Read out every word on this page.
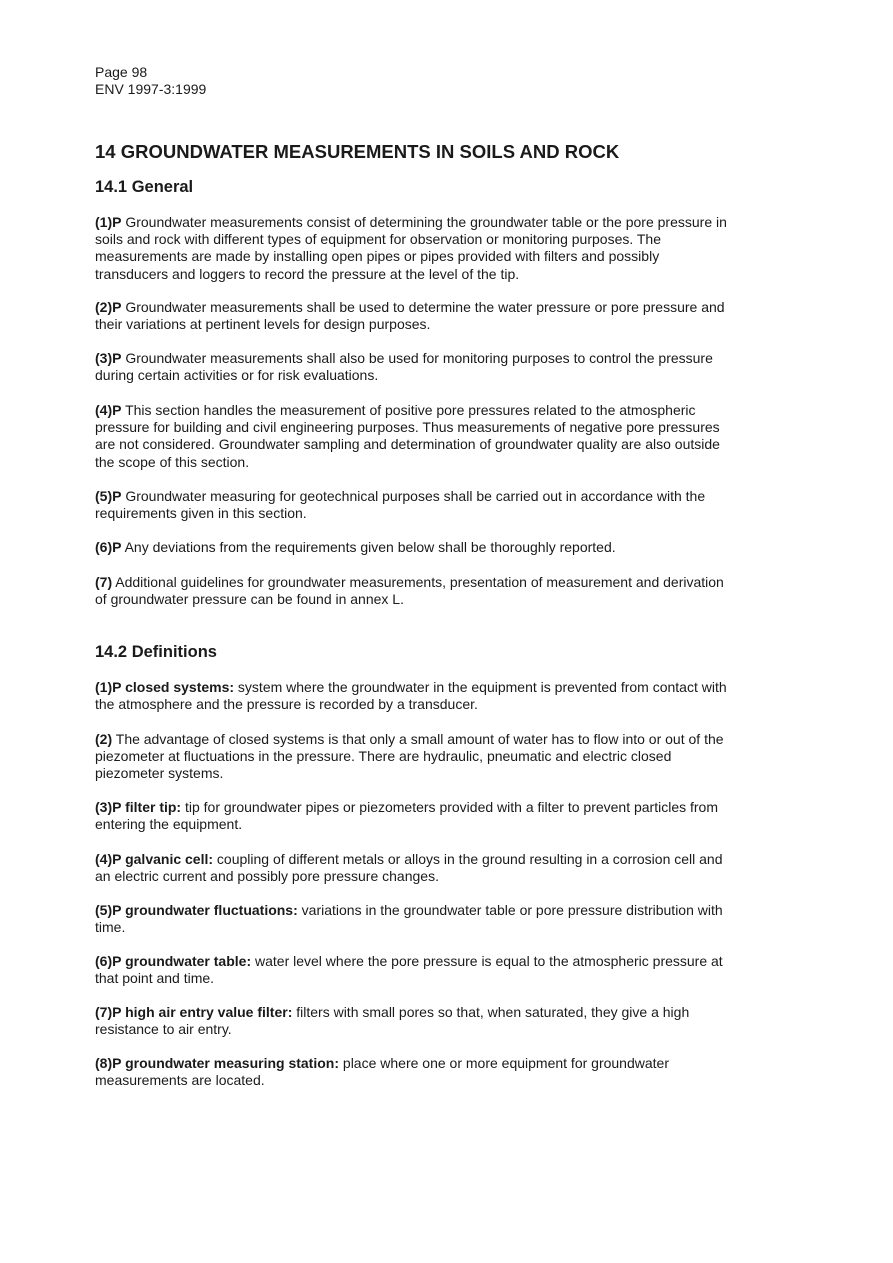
Page 98

ENV 1997-3:1999

14 GROUNDWATER MEASUREMENTS IN SOILS AND ROCK
14.1 General

(1)P Groundwater measurements consist of determining the groundwater table or the pore pressure in soils and rock with different types of equipment for observation or monitoring purposes. The measurements are made by installing open pipes or pipes provided with filters and possibly transducers and loggers to record the pressure at the level of the tip.

(2)P Groundwater measurements shall be used to determine the water pressure or pore pressure and their variations at pertinent levels for design purposes.

(3)P Groundwater measurements shall also be used for monitoring purposes to control the pressure during certain activities or for risk evaluations.

(4)P This section handles the measurement of positive pore pressures related to the atmospheric pressure for building and civil engineering purposes. Thus measurements of negative pore pressures are not considered. Groundwater sampling and determination of groundwater quality are also outside the scope of this section.

(5)P Groundwater measuring for geotechnical purposes shall be carried out in accordance with the requirements given in this section.

(6)P Any deviations from the requirements given below shall be thoroughly reported.

(7) Additional guidelines for groundwater measurements, presentation of measurement and derivation of groundwater pressure can be found in annex L.

14.2 Definitions

(1)P closed systems: system where the groundwater in the equipment is prevented from contact with the atmosphere and the pressure is recorded by a transducer.

(2) The advantage of closed systems is that only a small amount of water has to flow into or out of the piezometer at fluctuations in the pressure. There are hydraulic, pneumatic and electric closed piezometer systems.

(3)P filter tip: tip for groundwater pipes or piezometers provided with a filter to prevent particles from entering the equipment.

(4)P galvanic cell: coupling of different metals or alloys in the ground resulting in a corrosion cell and an electric current and possibly pore pressure changes.

(5)P groundwater fluctuations: variations in the groundwater table or pore pressure distribution with time.

(6)P groundwater table: water level where the pore pressure is equal to the atmospheric pressure at that point and time.

(7)P high air entry value filter: filters with small pores so that, when saturated, they give a high resistance to air entry.

(8)P groundwater measuring station: place where one or more equipment for groundwater measurements are located.
